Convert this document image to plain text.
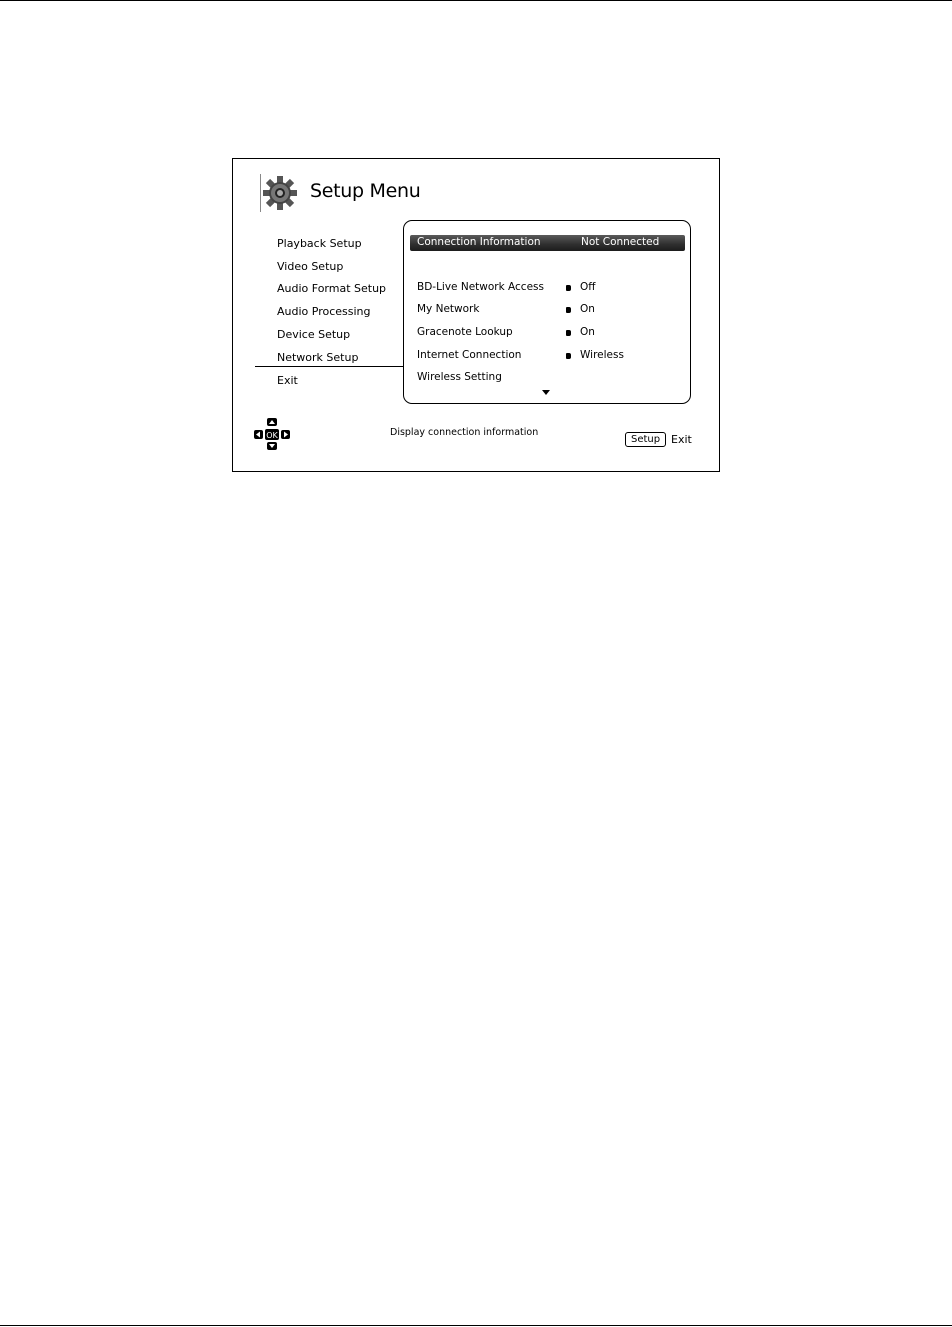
Setup Menu
Playback Setup
Video Setup
Audio Format Setup
Audio Processing
Device Setup
Network Setup
Exit
Connection Information	Not Connected
BD-Live Network Access	Off
My Network	On
Gracenote Lookup	On
Internet Connection	Wireless
Wireless Setting
OK	Display connection information
Setup Exit
